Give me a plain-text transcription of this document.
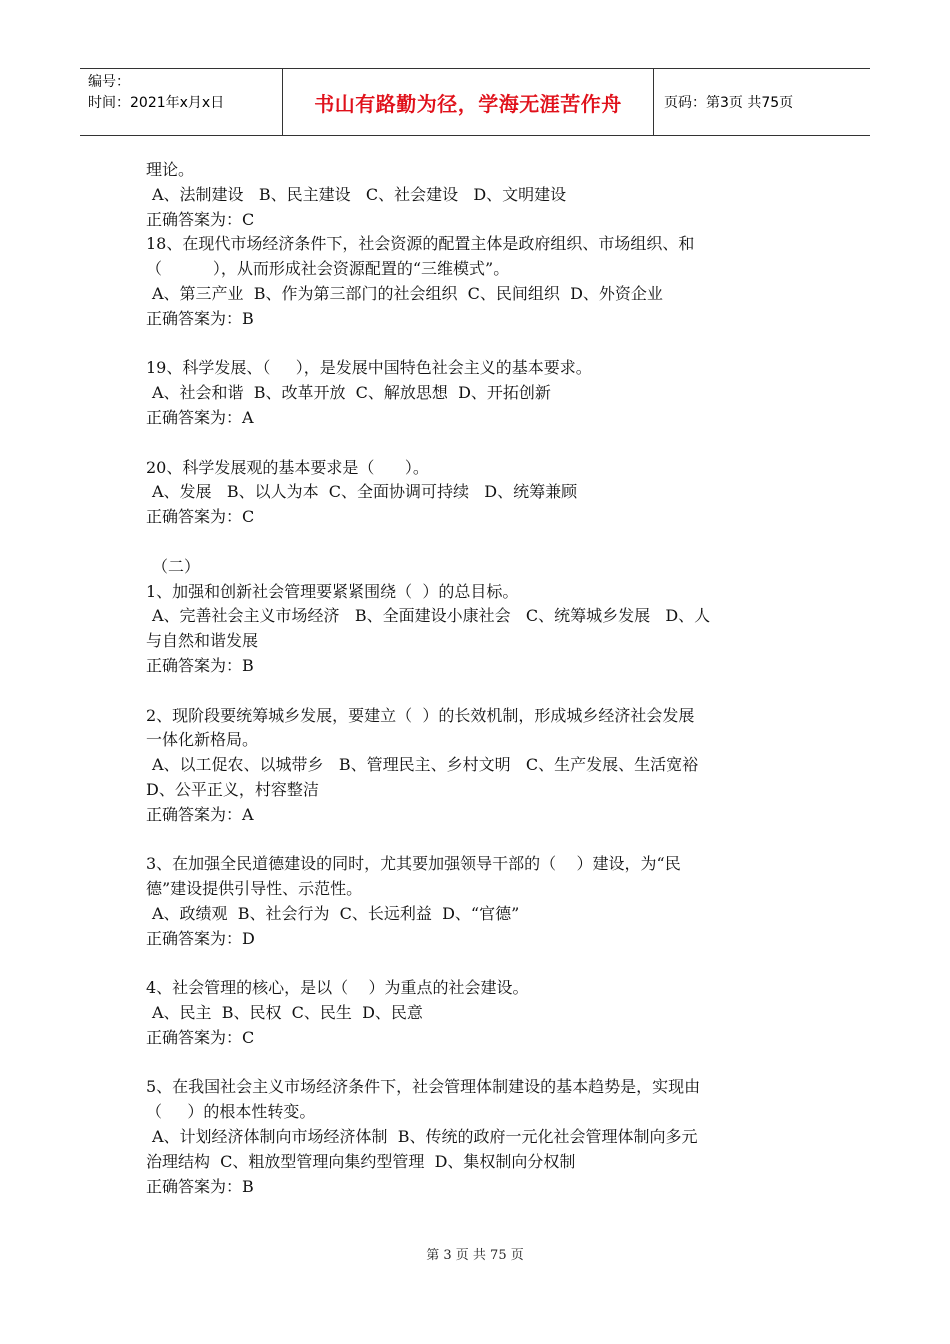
编号：
时间：2021年x月x日	书山有路勤为径，学海无涯苦作舟	页码：第3页 共75页
理论。
A、法制建设   B、民主建设   C、社会建设   D、文明建设
正确答案为：C
18、在现代市场经济条件下，社会资源的配置主体是政府组织、市场组织、和
（          ），从而形成社会资源配置的“三维模式”。
A、第三产业  B、作为第三部门的社会组织  C、民间组织  D、外资企业
正确答案为：B
19、科学发展、（     ），是发展中国特色社会主义的基本要求。
A、社会和谐  B、改革开放  C、解放思想  D、开拓创新
正确答案为：A
20、科学发展观的基本要求是（      ）。
A、发展   B、以人为本  C、全面协调可持续   D、统筹兼顾
正确答案为：C
（二）
1、加强和创新社会管理要紧紧围绕（  ）的总目标。
A、完善社会主义市场经济   B、全面建设小康社会   C、统筹城乡发展   D、人
与自然和谐发展
正确答案为：B
2、现阶段要统筹城乡发展，要建立（  ）的长效机制，形成城乡经济社会发展
一体化新格局。
A、以工促农、以城带乡   B、管理民主、乡村文明   C、生产发展、生活宽裕
D、公平正义，村容整洁
正确答案为：A
3、在加强全民道德建设的同时，尤其要加强领导干部的（    ）建设，为“民
德”建设提供引导性、示范性。
A、政绩观  B、社会行为  C、长远利益  D、“官德”
正确答案为：D
4、社会管理的核心，是以（    ）为重点的社会建设。
A、民主  B、民权  C、民生  D、民意
正确答案为：C
5、在我国社会主义市场经济条件下，社会管理体制建设的基本趋势是，实现由
（     ）的根本性转变。
A、计划经济体制向市场经济体制  B、传统的政府一元化社会管理体制向多元
治理结构  C、粗放型管理向集约型管理  D、集权制向分权制
正确答案为：B
第 3 页 共 75 页
